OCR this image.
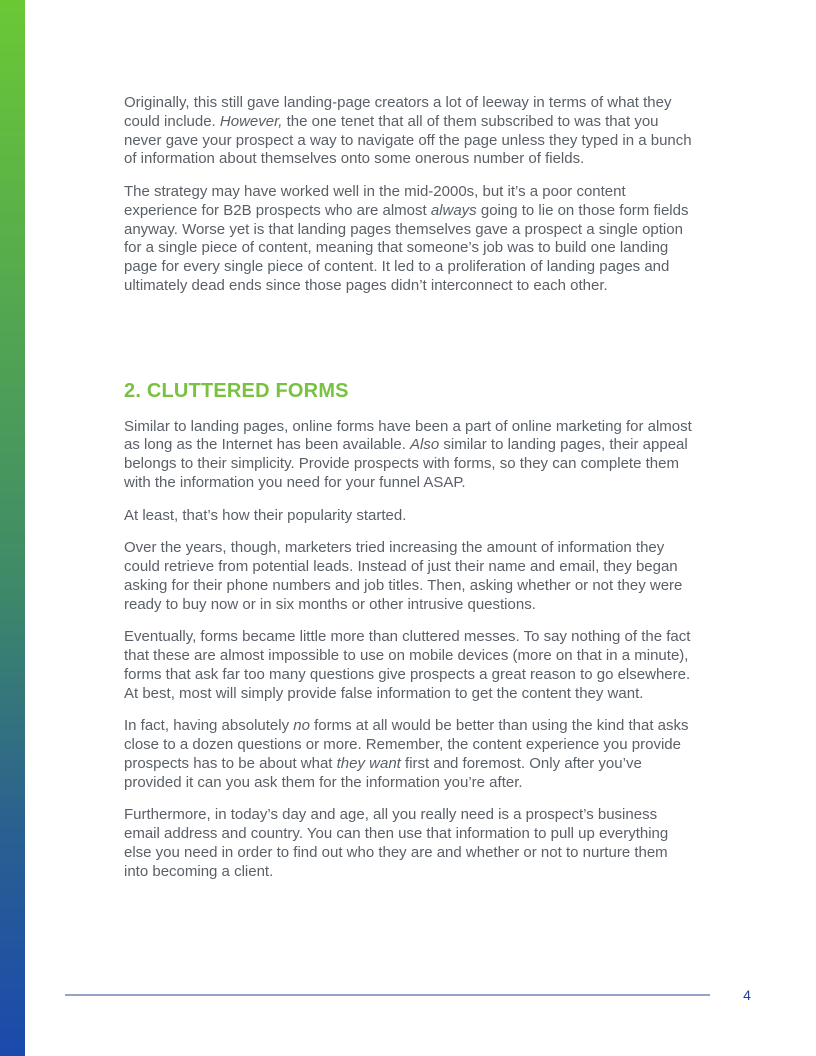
Originally, this still gave landing-page creators a lot of leeway in terms of what they could include. However, the one tenet that all of them subscribed to was that you never gave your prospect a way to navigate off the page unless they typed in a bunch of information about themselves onto some onerous number of fields.

The strategy may have worked well in the mid-2000s, but it’s a poor content experience for B2B prospects who are almost always going to lie on those form fields anyway. Worse yet is that landing pages themselves gave a prospect a single option for a single piece of content, meaning that someone’s job was to build one landing page for every single piece of content. It led to a proliferation of landing pages and ultimately dead ends since those pages didn’t interconnect to each other.

2. CLUTTERED FORMS

Similar to landing pages, online forms have been a part of online marketing for almost as long as the Internet has been available. Also similar to landing pages, their appeal belongs to their simplicity. Provide prospects with forms, so they can complete them with the information you need for your funnel ASAP.

At least, that’s how their popularity started.

Over the years, though, marketers tried increasing the amount of information they could retrieve from potential leads. Instead of just their name and email, they began asking for their phone numbers and job titles. Then, asking whether or not they were ready to buy now or in six months or other intrusive questions.

Eventually, forms became little more than cluttered messes. To say nothing of the fact that these are almost impossible to use on mobile devices (more on that in a minute), forms that ask far too many questions give prospects a great reason to go elsewhere. At best, most will simply provide false information to get the content they want.

In fact, having absolutely no forms at all would be better than using the kind that asks close to a dozen questions or more. Remember, the content experience you provide prospects has to be about what they want first and foremost. Only after you’ve provided it can you ask them for the information you’re after.

Furthermore, in today’s day and age, all you really need is a prospect’s business email address and country. You can then use that information to pull up everything else you need in order to find out who they are and whether or not to nurture them into becoming a client.

4
